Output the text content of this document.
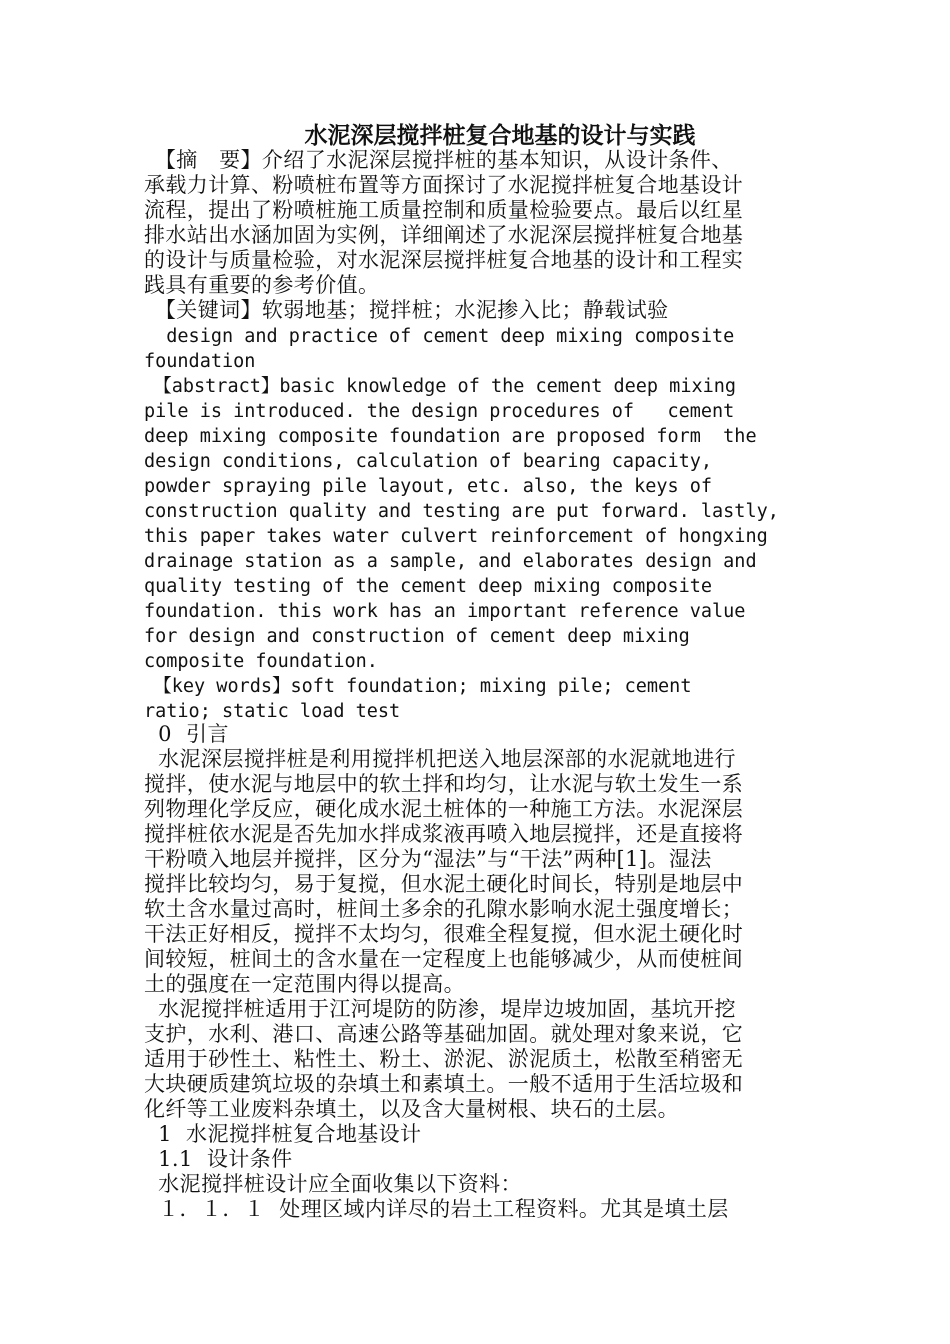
水泥深层搅拌桩复合地基的设计与实践
　【摘　要】介绍了水泥深层搅拌桩的基本知识，从设计条件、
承载力计算、粉喷桩布置等方面探讨了水泥搅拌桩复合地基设计
流程，提出了粉喷桩施工质量控制和质量检验要点。最后以红星
排水站出水涵加固为实例，详细阐述了水泥深层搅拌桩复合地基
的设计与质量检验，对水泥深层搅拌桩复合地基的设计和工程实
践具有重要的参考价值。
　【关键词】软弱地基；搅拌桩；水泥掺入比；静载试验
design and practice of cement deep mixing composite
foundation
　【abstract】basic knowledge of the cement deep mixing
pile is introduced. the design procedures of   cement
deep mixing composite foundation are proposed form  the
design conditions, calculation of bearing capacity,
powder spraying pile layout, etc. also, the keys of
construction quality and testing are put forward. lastly,
this paper takes water culvert reinforcement of hongxing
drainage station as a sample, and elaborates design and
quality testing of the cement deep mixing composite
foundation. this work has an important reference value
for design and construction of cement deep mixing
composite foundation.
　【key words】soft foundation; mixing pile; cement
ratio; static load test
0  引言
水泥深层搅拌桩是利用搅拌机把送入地层深部的水泥就地进行
搅拌，使水泥与地层中的软土拌和均匀，让水泥与软土发生一系
列物理化学反应，硬化成水泥土桩体的一种施工方法。水泥深层
搅拌桩依水泥是否先加水拌成浆液再喷入地层搅拌，还是直接将
干粉喷入地层并搅拌，区分为“湿法”与“干法”两种[1]。湿法
搅拌比较均匀，易于复搅，但水泥土硬化时间长，特别是地层中
软土含水量过高时，桩间土多余的孔隙水影响水泥土强度增长；
干法正好相反，搅拌不太均匀，很难全程复搅，但水泥土硬化时
间较短，桩间土的含水量在一定程度上也能够减少，从而使桩间
土的强度在一定范围内得以提高。
水泥搅拌桩适用于江河堤防的防渗，堤岸边坡加固，基坑开挖
支护，水利、港口、高速公路等基础加固。就处理对象来说，它
适用于砂性土、粘性土、粉土、淤泥、淤泥质土，松散至稍密无
大块硬质建筑垃圾的杂填土和素填土。一般不适用于生活垃圾和
化纤等工业废料杂填土，以及含大量树根、块石的土层。
1  水泥搅拌桩复合地基设计
1.1  设计条件
水泥搅拌桩设计应全面收集以下资料：
１．１．１  处理区域内详尽的岩土工程资料。尤其是填土层
